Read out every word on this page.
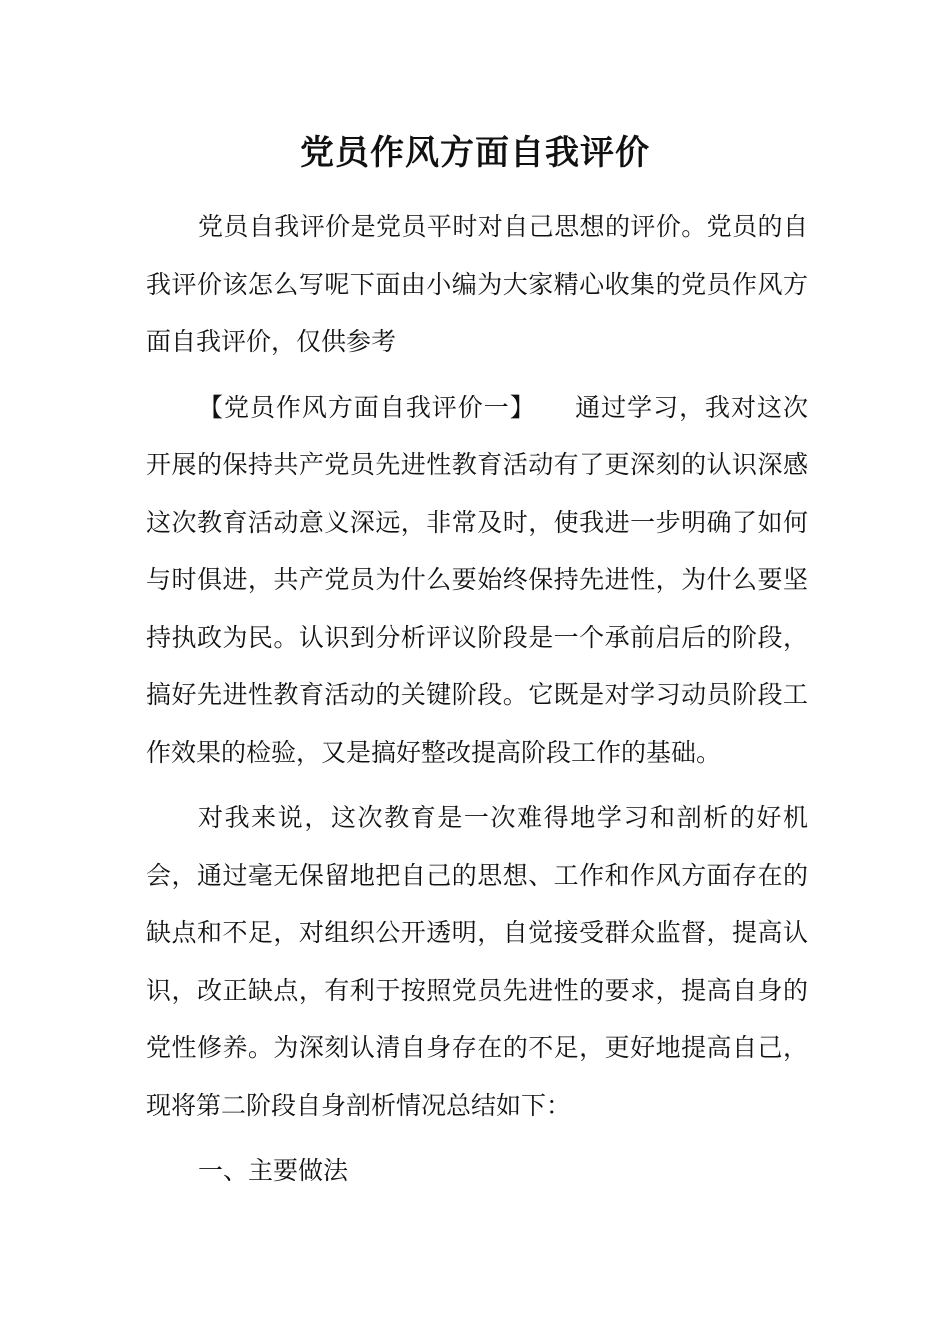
党员作风方面自我评价

党员自我评价是党员平时对自己思想的评价。党员的自我评价该怎么写呢下面由小编为大家精心收集的党员作风方面自我评价，仅供参考

【党员作风方面自我评价一】　　通过学习，我对这次开展的保持共产党员先进性教育活动有了更深刻的认识深感这次教育活动意义深远，非常及时，使我进一步明确了如何与时俱进，共产党员为什么要始终保持先进性，为什么要坚持执政为民。认识到分析评议阶段是一个承前启后的阶段，搞好先进性教育活动的关键阶段。它既是对学习动员阶段工作效果的检验，又是搞好整改提高阶段工作的基础。

对我来说，这次教育是一次难得地学习和剖析的好机会，通过毫无保留地把自己的思想、工作和作风方面存在的缺点和不足，对组织公开透明，自觉接受群众监督，提高认识，改正缺点，有利于按照党员先进性的要求，提高自身的党性修养。为深刻认清自身存在的不足，更好地提高自己，现将第二阶段自身剖析情况总结如下：

一、主要做法
